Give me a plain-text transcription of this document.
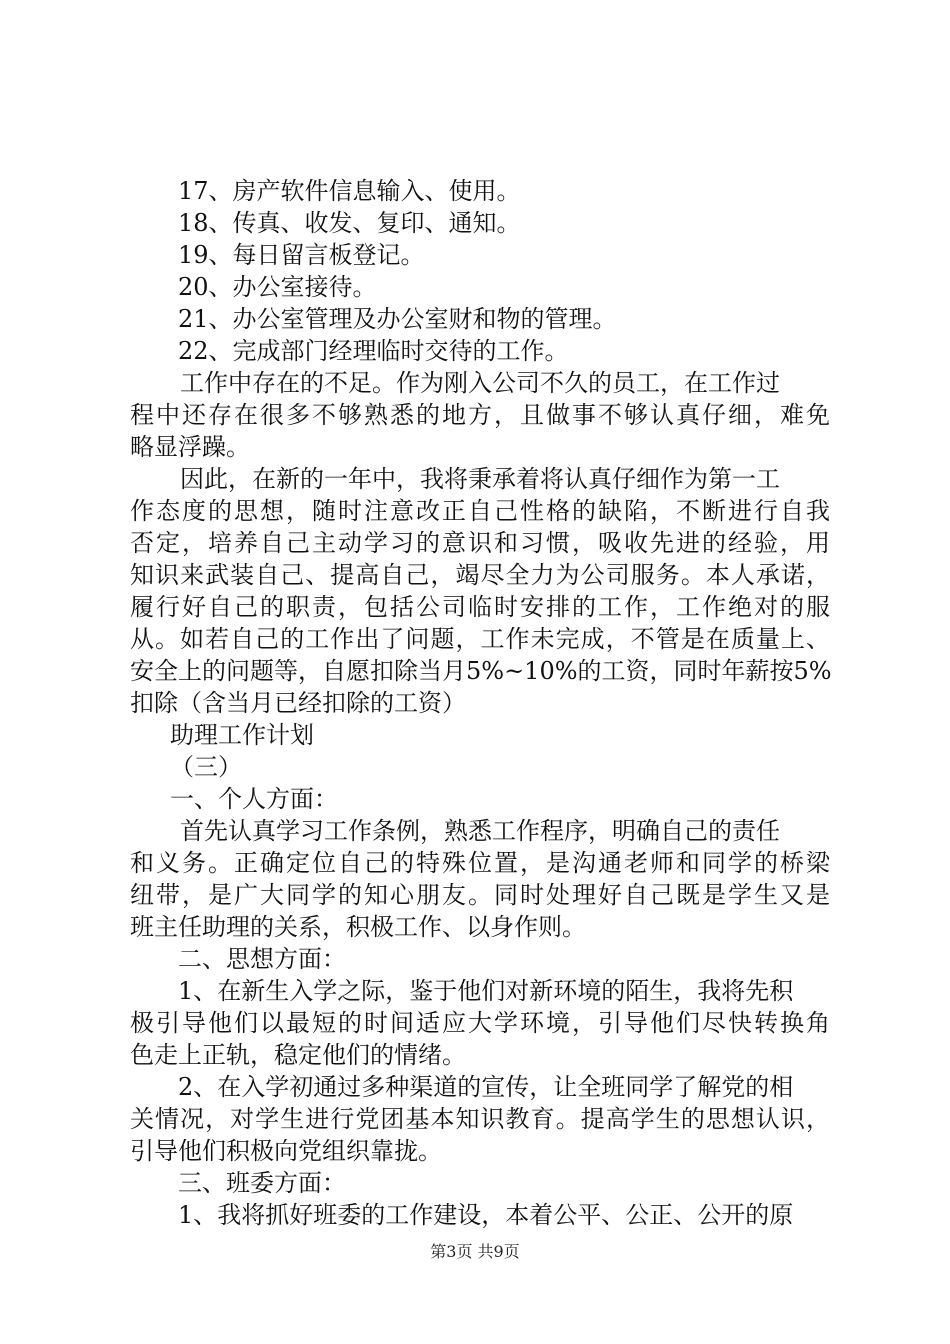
17、房产软件信息输入、使用。

18、传真、收发、复印、通知。

19、每日留言板登记。

20、办公室接待。

21、办公室管理及办公室财和物的管理。

22、完成部门经理临时交待的工作。

工作中存在的不足。作为刚入公司不久的员工，在工作过

程中还存在很多不够熟悉的地方，且做事不够认真仔细，难免

略显浮躁。

因此，在新的一年中，我将秉承着将认真仔细作为第一工

作态度的思想，随时注意改正自己性格的缺陷，不断进行自我

否定，培养自己主动学习的意识和习惯，吸收先进的经验，用

知识来武装自己、提高自己，竭尽全力为公司服务。本人承诺，

履行好自己的职责，包括公司临时安排的工作，工作绝对的服

从。如若自己的工作出了问题，工作未完成，不管是在质量上、

安全上的问题等，自愿扣除当月5%~10%的工资，同时年薪按5%

扣除（含当月已经扣除的工资）

助理工作计划

（三）

一、个人方面：

首先认真学习工作条例，熟悉工作程序，明确自己的责任

和义务。正确定位自己的特殊位置，是沟通老师和同学的桥梁

纽带，是广大同学的知心朋友。同时处理好自己既是学生又是

班主任助理的关系，积极工作、以身作则。

二、思想方面：

1、在新生入学之际，鉴于他们对新环境的陌生，我将先积

极引导他们以最短的时间适应大学环境，引导他们尽快转换角

色走上正轨，稳定他们的情绪。

2、在入学初通过多种渠道的宣传，让全班同学了解党的相

关情况，对学生进行党团基本知识教育。提高学生的思想认识，

引导他们积极向党组织靠拢。

三、班委方面：

1、我将抓好班委的工作建设，本着公平、公正、公开的原

第3页 共9页
